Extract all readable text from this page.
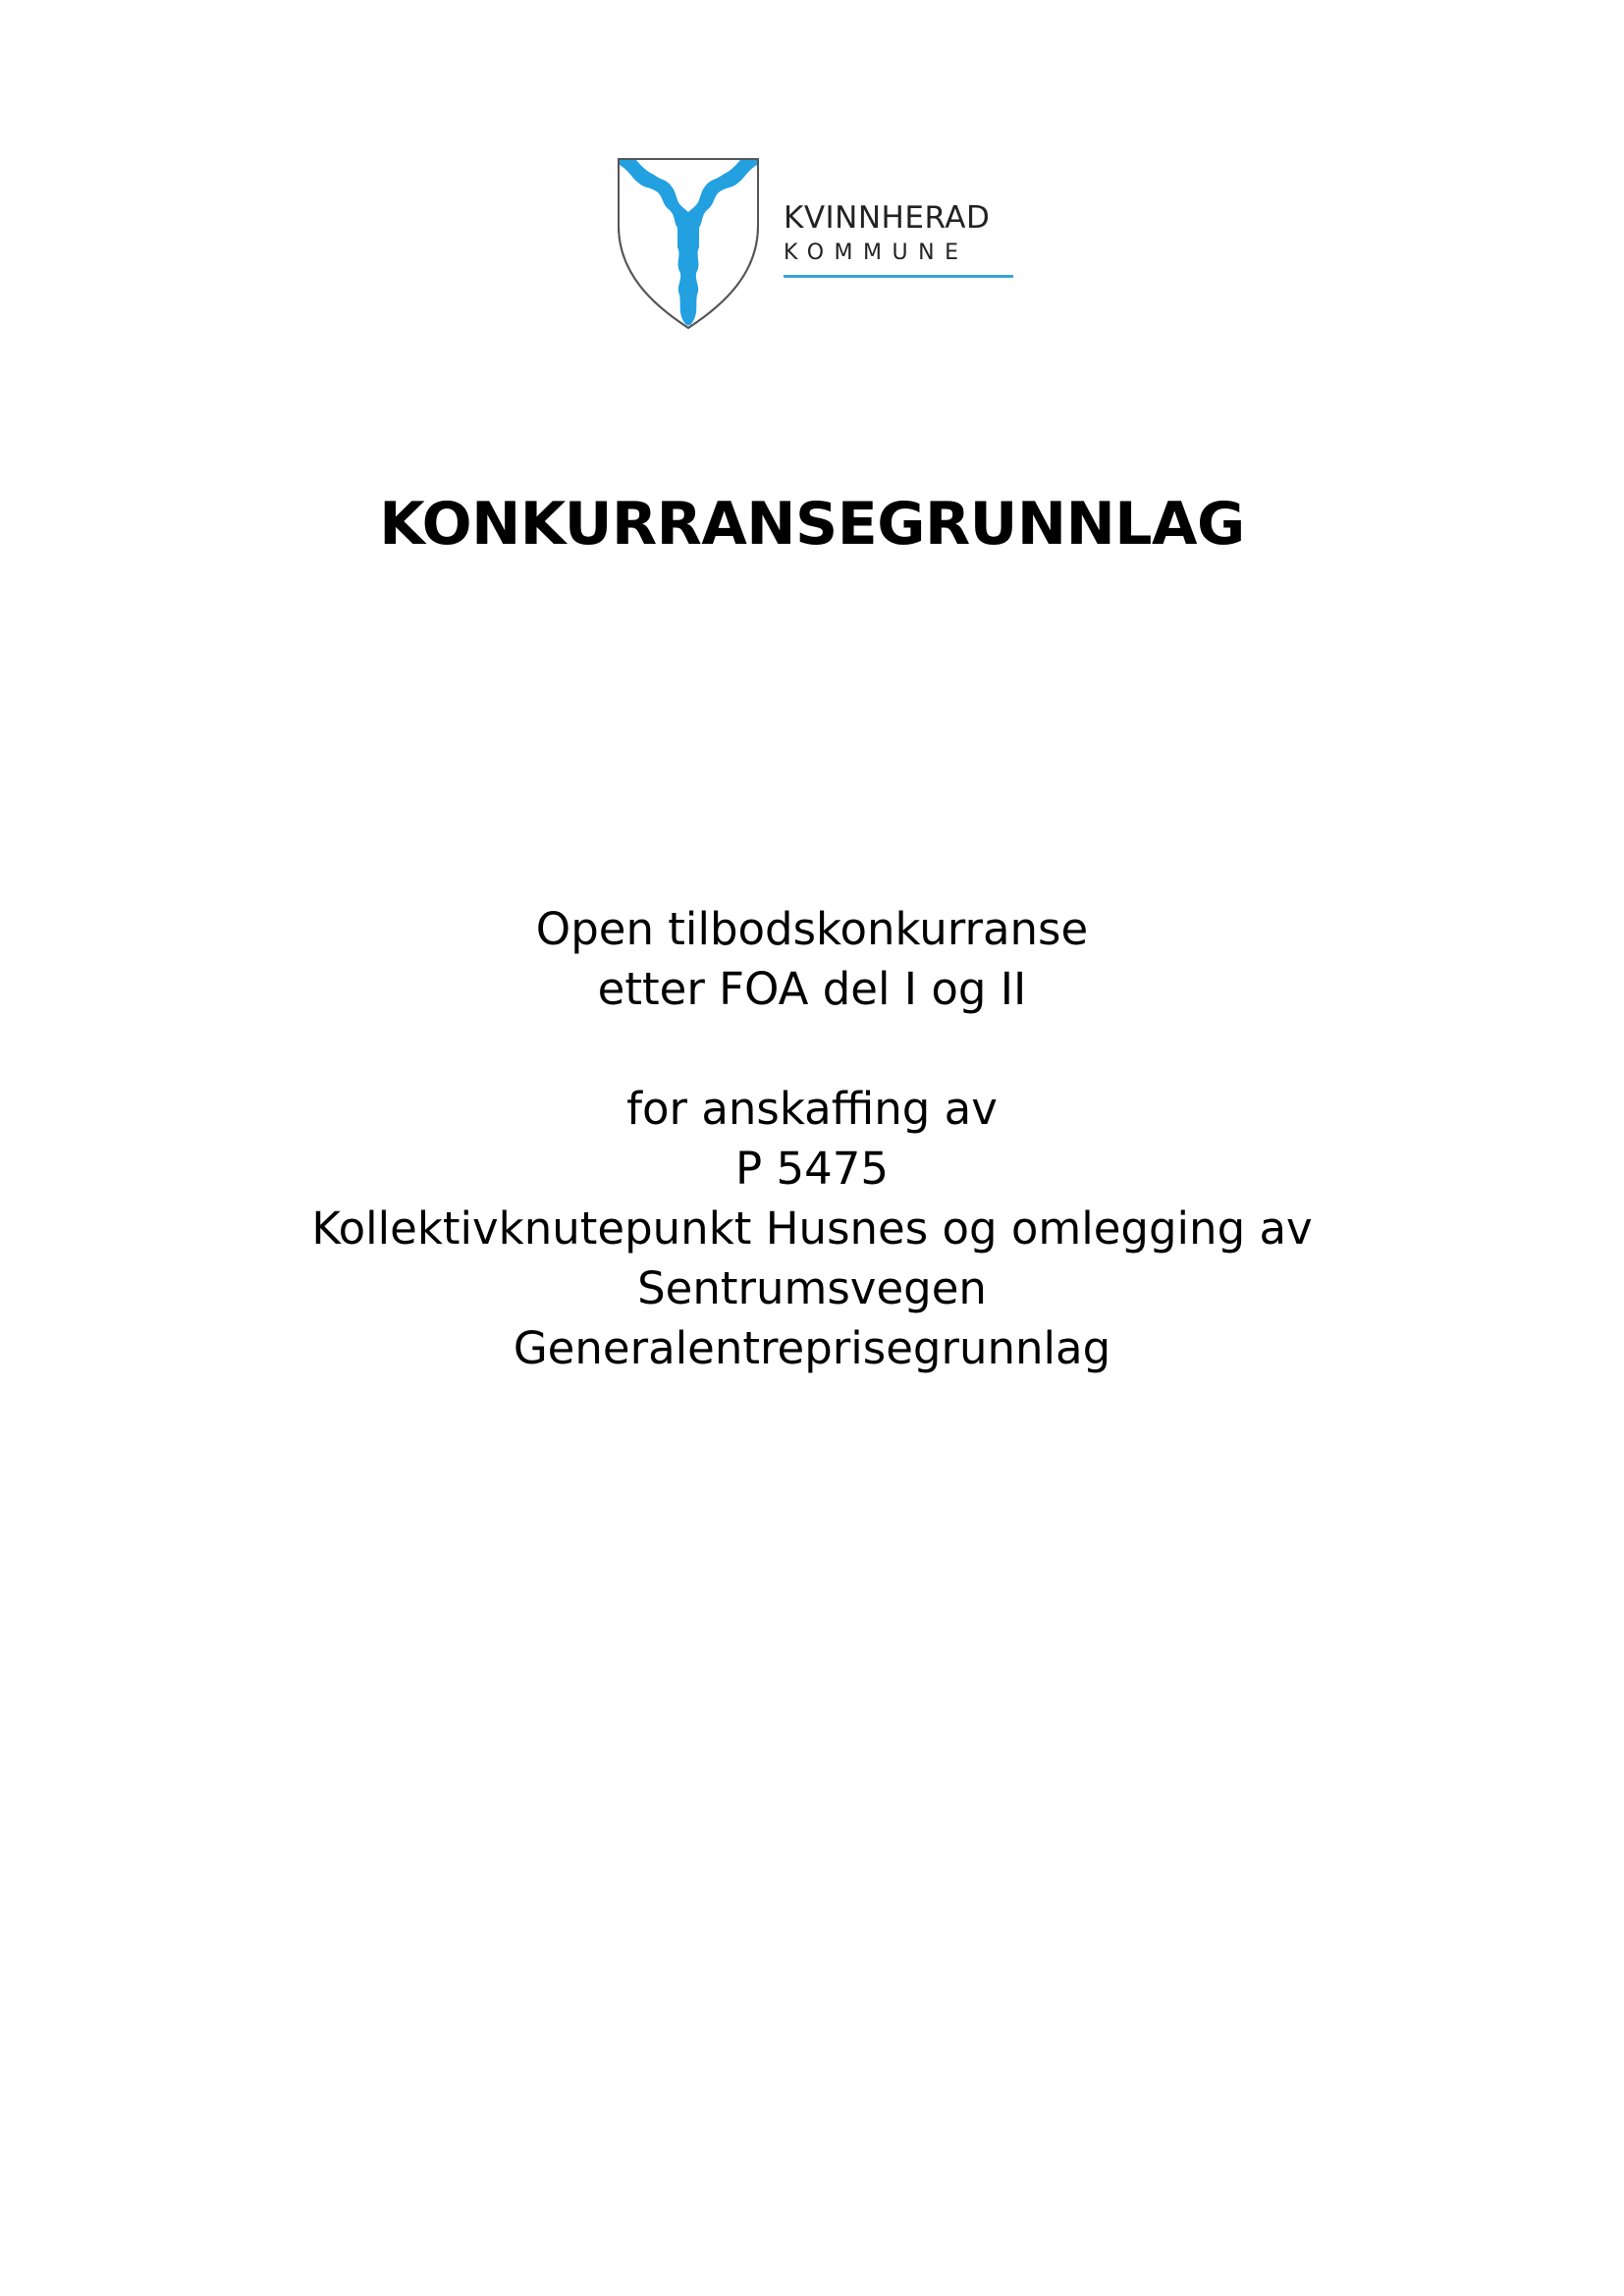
KVINNHERAD
KOMMUNE
KONKURRANSEGRUNNLAG
Open tilbodskonkurranse
etter FOA del I og II
for anskaffing av
P 5475
Kollektivknutepunkt Husnes og omlegging av
Sentrumsvegen
Generalentreprisegrunnlag
